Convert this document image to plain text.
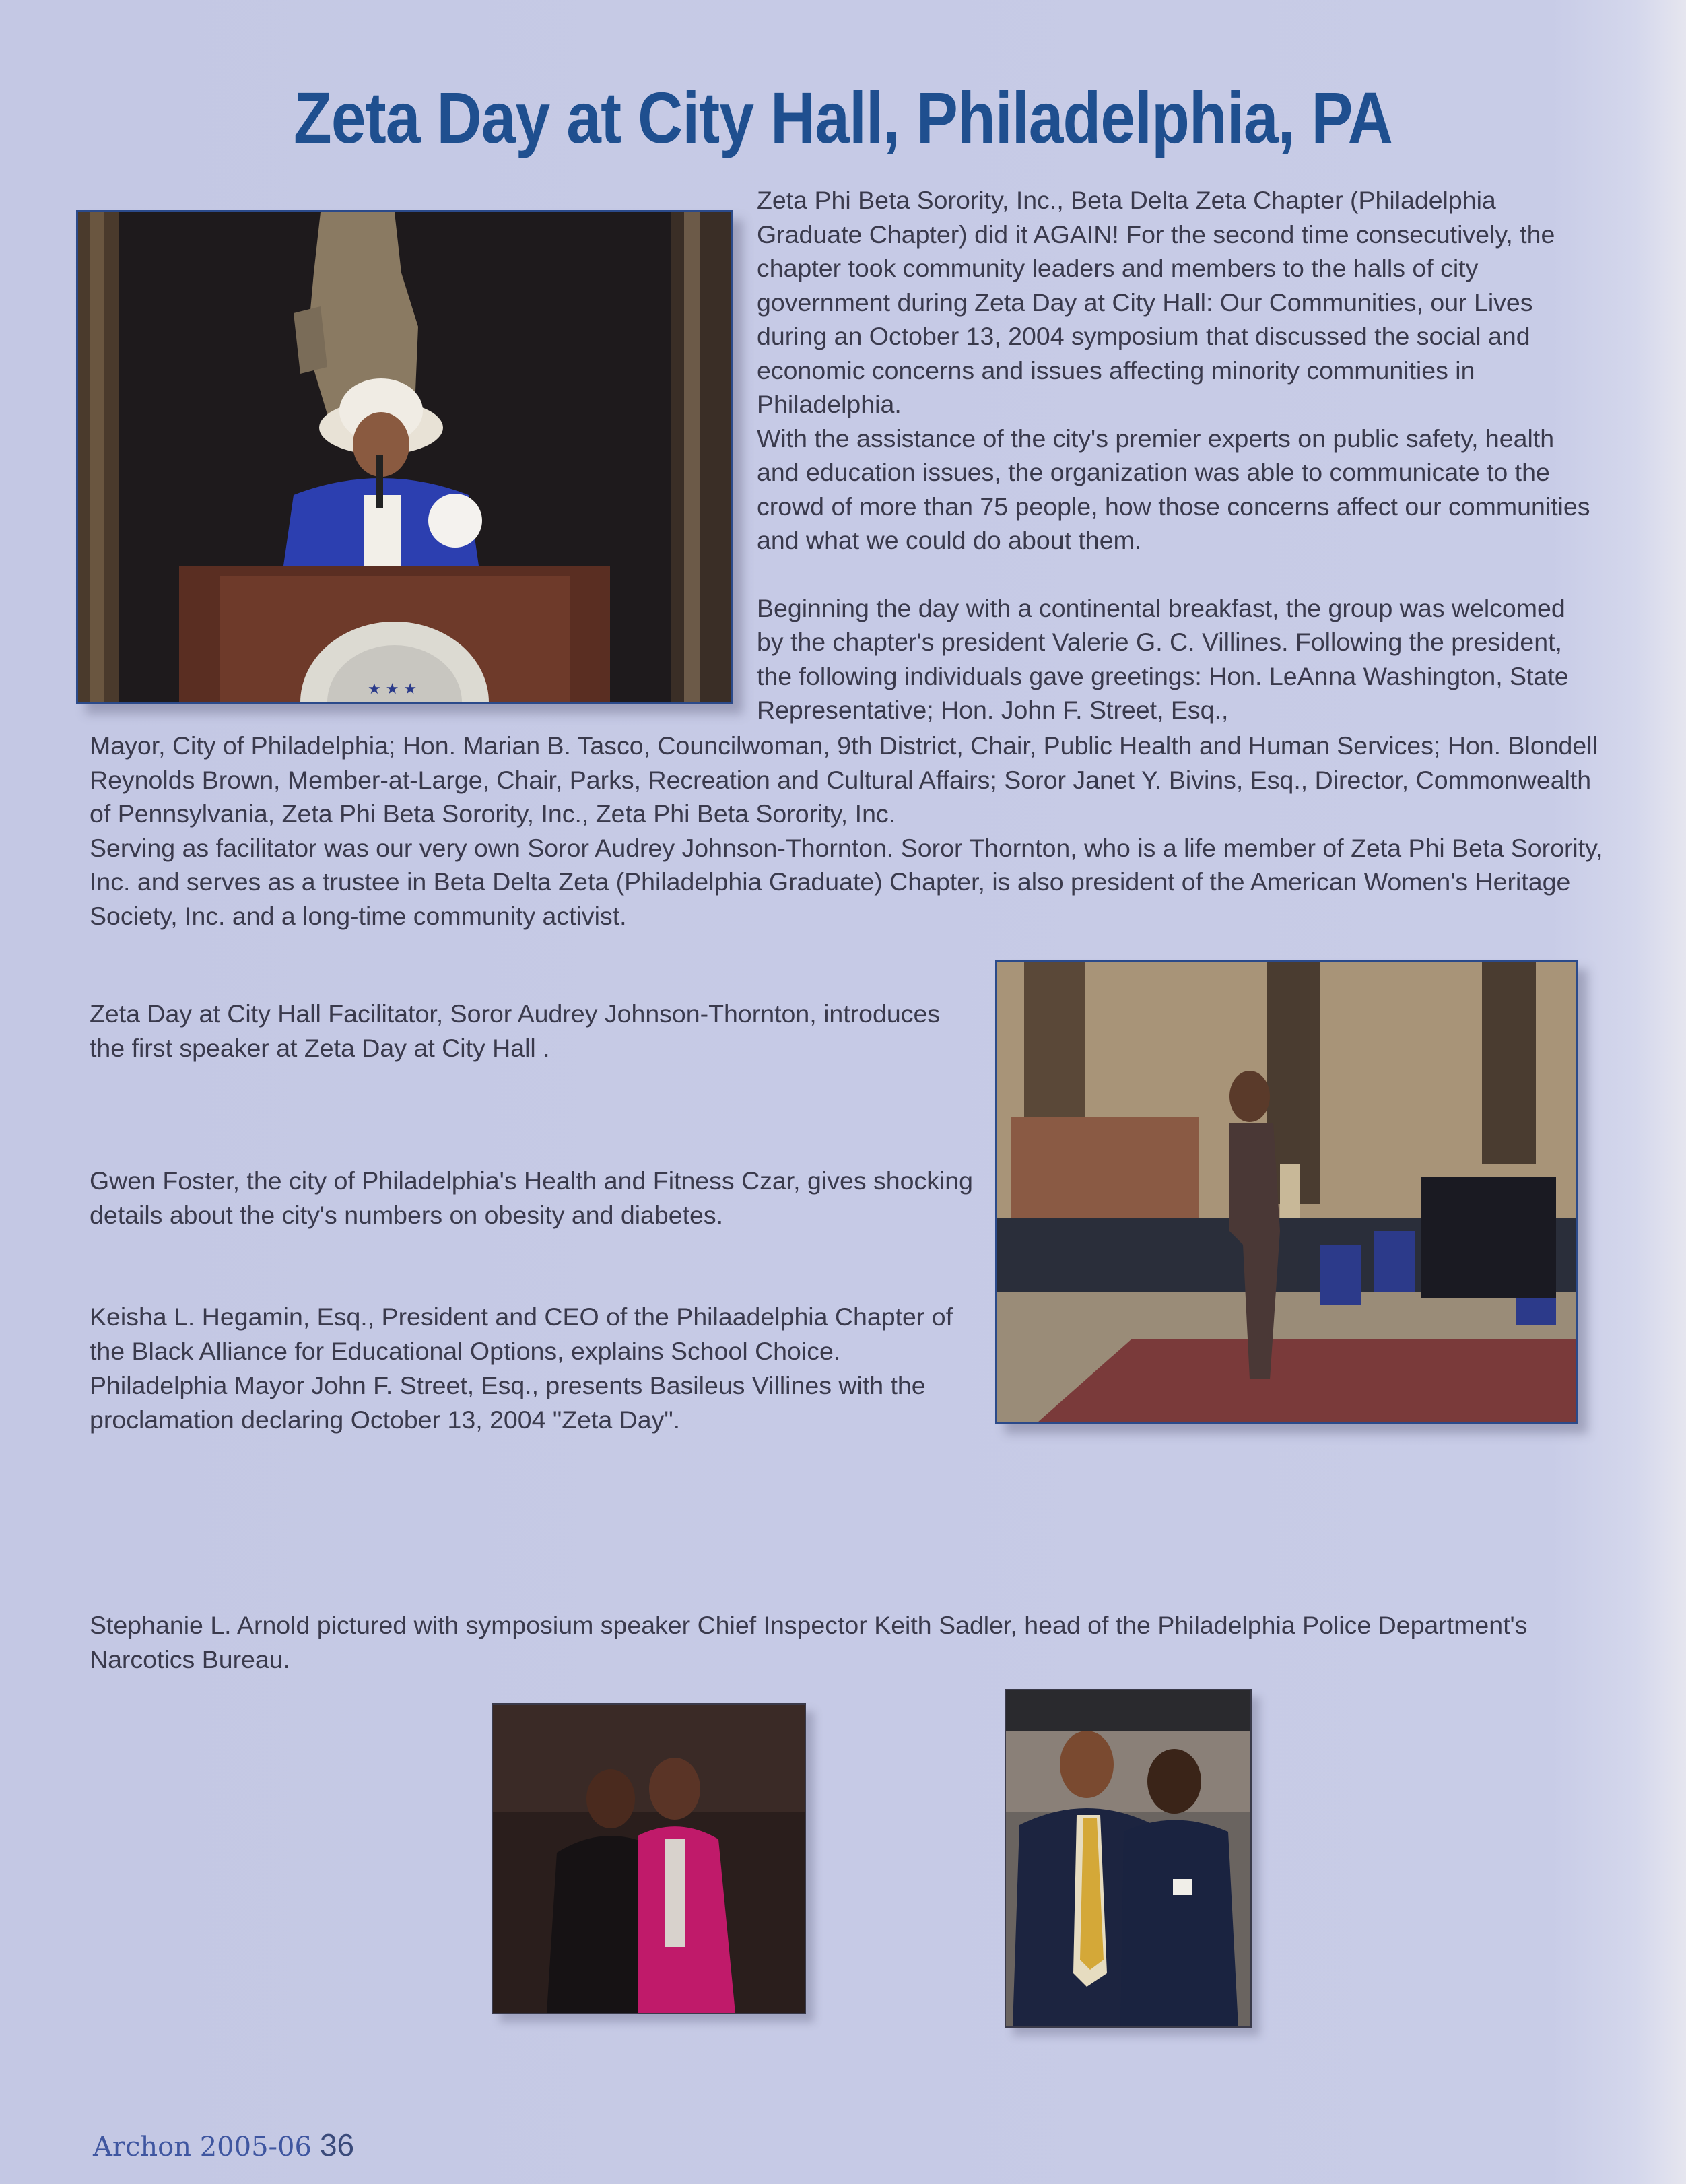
Zeta Day at City Hall, Philadelphia, PA
★ ★ ★

Zeta Phi Beta Sorority, Inc., Beta Delta Zeta Chapter (Philadelphia Graduate Chapter) did it AGAIN! For the second time consecutively, the chapter took community leaders and members to the halls of city government during Zeta Day at City Hall: Our Communities, our Lives during an October 13, 2004 symposium that discussed the social and economic concerns and issues affecting minority communities in Philadelphia.

With the assistance of the city's premier experts on public safety, health and education issues, the organization was able to communicate to the crowd of more than 75 people, how those concerns affect our communities and what we could do about them.

Beginning the day with a continental breakfast, the group was welcomed by the chapter's president Valerie G. C. Villines. Following the president, the following individuals gave greetings: Hon. LeAnna Washington, State Representative; Hon. John F. Street, Esq.,

Mayor, City of Philadelphia; Hon. Marian B. Tasco, Councilwoman, 9th District, Chair, Public Health and Human Services; Hon. Blondell Reynolds Brown, Member-at-Large, Chair, Parks, Recreation and Cultural Affairs; Soror Janet Y. Bivins, Esq., Director, Commonwealth of Pennsylvania, Zeta Phi Beta Sorority, Inc., Zeta Phi Beta Sorority, Inc.

Serving as facilitator was our very own Soror Audrey Johnson-Thornton. Soror Thornton, who is a life member of Zeta Phi Beta Sorority, Inc. and serves as a trustee in Beta Delta Zeta (Philadelphia Graduate) Chapter, is also president of the American Women's Heritage Society, Inc. and a long-time community activist.

Zeta Day at City Hall Facilitator, Soror Audrey Johnson-Thornton, introduces the first speaker at Zeta Day at City Hall .

Gwen Foster, the city of Philadelphia's Health and Fitness Czar, gives shocking details about the city's numbers on obesity and diabetes.

Keisha L. Hegamin, Esq., President and CEO of the Philaadelphia Chapter of the Black Alliance for Educational Options, explains School Choice.

Philadelphia Mayor John F. Street, Esq., presents Basileus Villines with the proclamation declaring October 13, 2004 "Zeta Day".

Stephanie L. Arnold pictured with symposium speaker Chief Inspector Keith Sadler, head of the Philadelphia Police Department's Narcotics Bureau.

Archon 2005-06 36
